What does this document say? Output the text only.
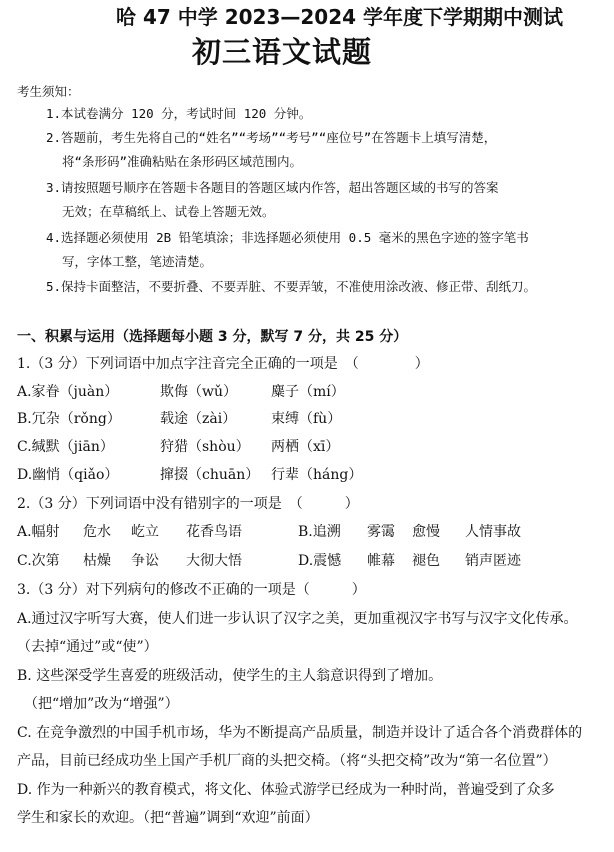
哈 47 中学 2023—2024 学年度下学期期中测试
初三语文试题
考生须知：
1.本试卷满分 120 分，考试时间 120 分钟。
2.答题前，考生先将自己的“姓名”“考场”“考号”“座位号”在答题卡上填写清楚，
将“条形码”准确粘贴在条形码区域范围内。
3.请按照题号顺序在答题卡各题目的答题区域内作答，超出答题区域的书写的答案
无效；在草稿纸上、试卷上答题无效。
4.选择题必须使用 2B 铅笔填涂；非选择题必须使用 0.5 毫米的黑色字迹的签字笔书
写，字体工整，笔迹清楚。
5.保持卡面整洁，不要折叠、不要弄脏、不要弄皱，不准使用涂改液、修正带、刮纸刀。
一、积累与运用（选择题每小题 3 分，默写 7 分，共 25 分）
1.（3 分）下列词语中加点字注音完全正确的一项是　（　　　　）
A.家眷（juàn）	欺侮（wǔ） 麋子（mí）
B.冗杂（rǒng）	载途（zài） 束缚（fù）
C.缄默（jiān）	狩猎（shòu） 两栖（xī）
D.幽悄（qiǎo）	撺掇（chuān） 行辈（háng）
2.（3 分）下列词语中没有错别字的一项是　（　　　）
A.幅射 危水 屹立 花香鸟语	B.追溯 雾霭 愈慢 人情事故
C.次第 枯燥 争讼 大彻大悟	D.震憾 帷幕 褪色 销声匿迹
3.（3 分）对下列病句的修改不正确的一项是（　　　）
A.通过汉字听写大赛，使人们进一步认识了汉字之美，更加重视汉字书写与汉字文化传承。
（去掉“通过”或“使”）
B. 这些深受学生喜爱的班级活动，使学生的主人翁意识得到了增加。
（把“增加”改为“增强”）
C. 在竞争激烈的中国手机市场，华为不断提高产品质量，制造并设计了适合各个消费群体的
产品，目前已经成功坐上国产手机厂商的头把交椅。（将“头把交椅”改为“第一名位置”）
D. 作为一种新兴的教育模式，将文化、体验式游学已经成为一种时尚，普遍受到了众多
学生和家长的欢迎。（把“普遍”调到“欢迎”前面）
